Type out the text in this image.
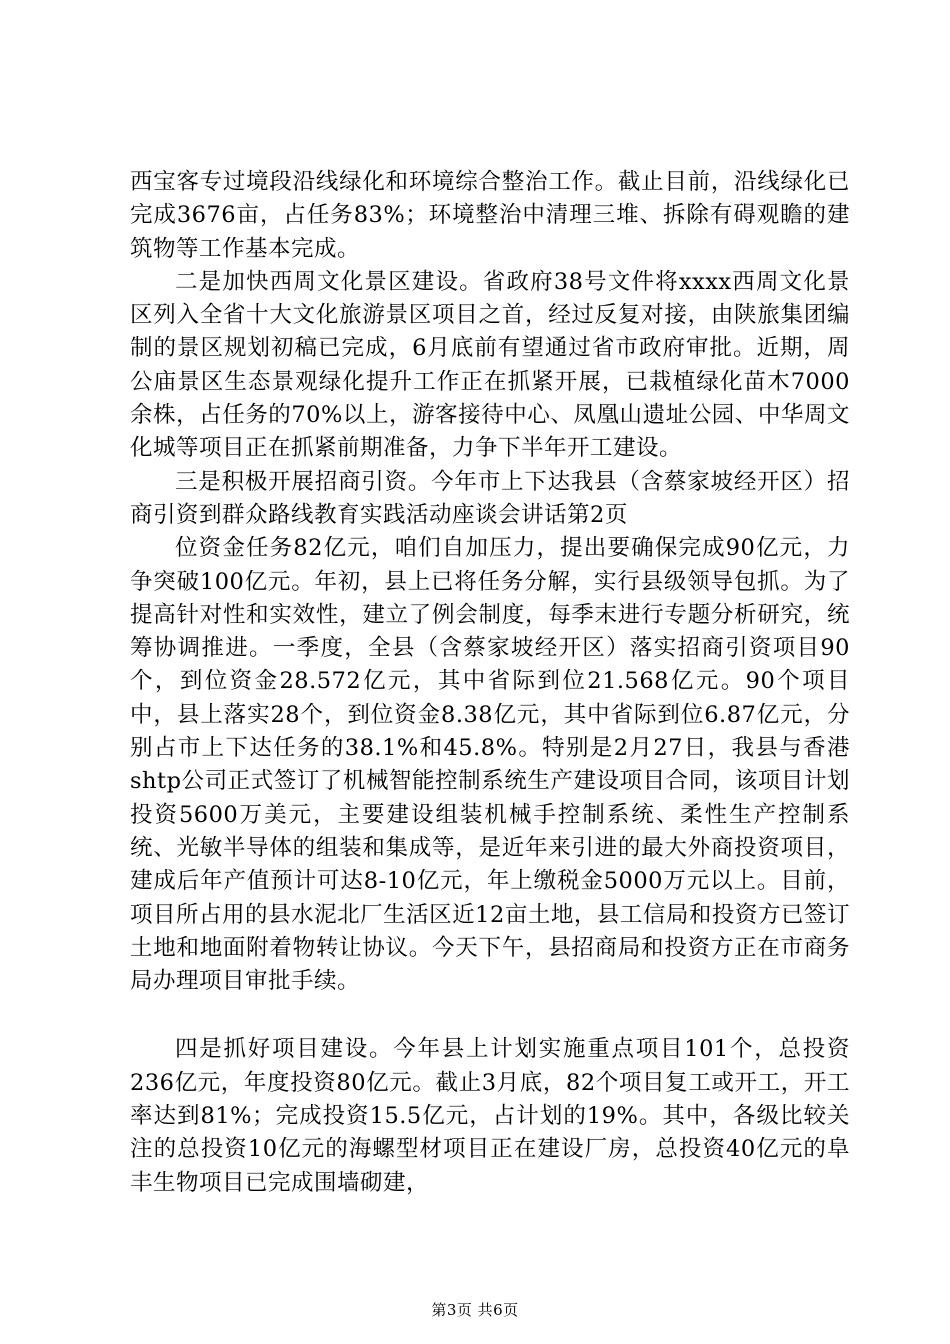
西宝客专过境段沿线绿化和环境综合整治工作。截止目前，沿线绿化已完成3676亩，占任务83%；环境整治中清理三堆、拆除有碍观瞻的建筑物等工作基本完成。

二是加快西周文化景区建设。省政府38号文件将xxxx西周文化景区列入全省十大文化旅游景区项目之首，经过反复对接，由陕旅集团编制的景区规划初稿已完成，6月底前有望通过省市政府审批。近期，周公庙景区生态景观绿化提升工作正在抓紧开展，已栽植绿化苗木7000余株，占任务的70%以上，游客接待中心、凤凰山遗址公园、中华周文化城等项目正在抓紧前期准备，力争下半年开工建设。

三是积极开展招商引资。今年市上下达我县（含蔡家坡经开区）招商引资到群众路线教育实践活动座谈会讲话第2页

位资金任务82亿元，咱们自加压力，提出要确保完成90亿元，力争突破100亿元。年初，县上已将任务分解，实行县级领导包抓。为了提高针对性和实效性，建立了例会制度，每季末进行专题分析研究，统筹协调推进。一季度，全县（含蔡家坡经开区）落实招商引资项目90个，到位资金28.572亿元，其中省际到位21.568亿元。90个项目中，县上落实28个，到位资金8.38亿元，其中省际到位6.87亿元，分别占市上下达任务的38.1%和45.8%。特别是2月27日，我县与香港shtp公司正式签订了机械智能控制系统生产建设项目合同，该项目计划投资5600万美元，主要建设组装机械手控制系统、柔性生产控制系统、光敏半导体的组装和集成等，是近年来引进的最大外商投资项目，建成后年产值预计可达8-10亿元，年上缴税金5000万元以上。目前，项目所占用的县水泥北厂生活区近12亩土地，县工信局和投资方已签订土地和地面附着物转让协议。今天下午，县招商局和投资方正在市商务局办理项目审批手续。

四是抓好项目建设。今年县上计划实施重点项目101个，总投资236亿元，年度投资80亿元。截止3月底，82个项目复工或开工，开工率达到81%；完成投资15.5亿元，占计划的19%。其中，各级比较关注的总投资10亿元的海螺型材项目正在建设厂房，总投资40亿元的阜丰生物项目已完成围墙砌建，

第3页 共6页
